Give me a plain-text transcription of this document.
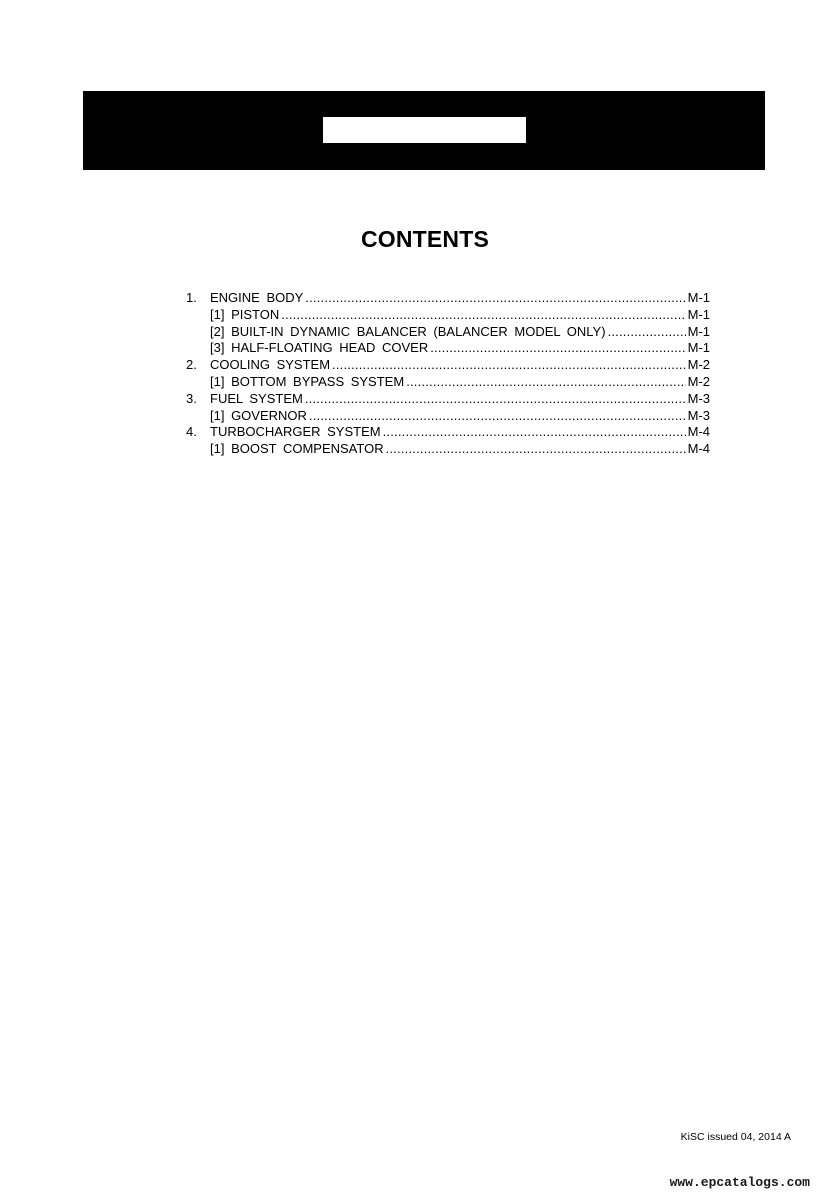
CONTENTS
1.	ENGINE BODY .....	M-1
[1] PISTON .....	M-1
[2] BUILT-IN DYNAMIC BALANCER (BALANCER MODEL ONLY) .....	M-1
[3] HALF-FLOATING HEAD COVER .....	M-1
2.	COOLING SYSTEM .....	M-2
[1] BOTTOM BYPASS SYSTEM .....	M-2
3.	FUEL SYSTEM .....	M-3
[1] GOVERNOR .....	M-3
4.	TURBOCHARGER SYSTEM .....	M-4
[1] BOOST COMPENSATOR .....	M-4
KiSC issued 04, 2014 A
www.epcatalogs.com
